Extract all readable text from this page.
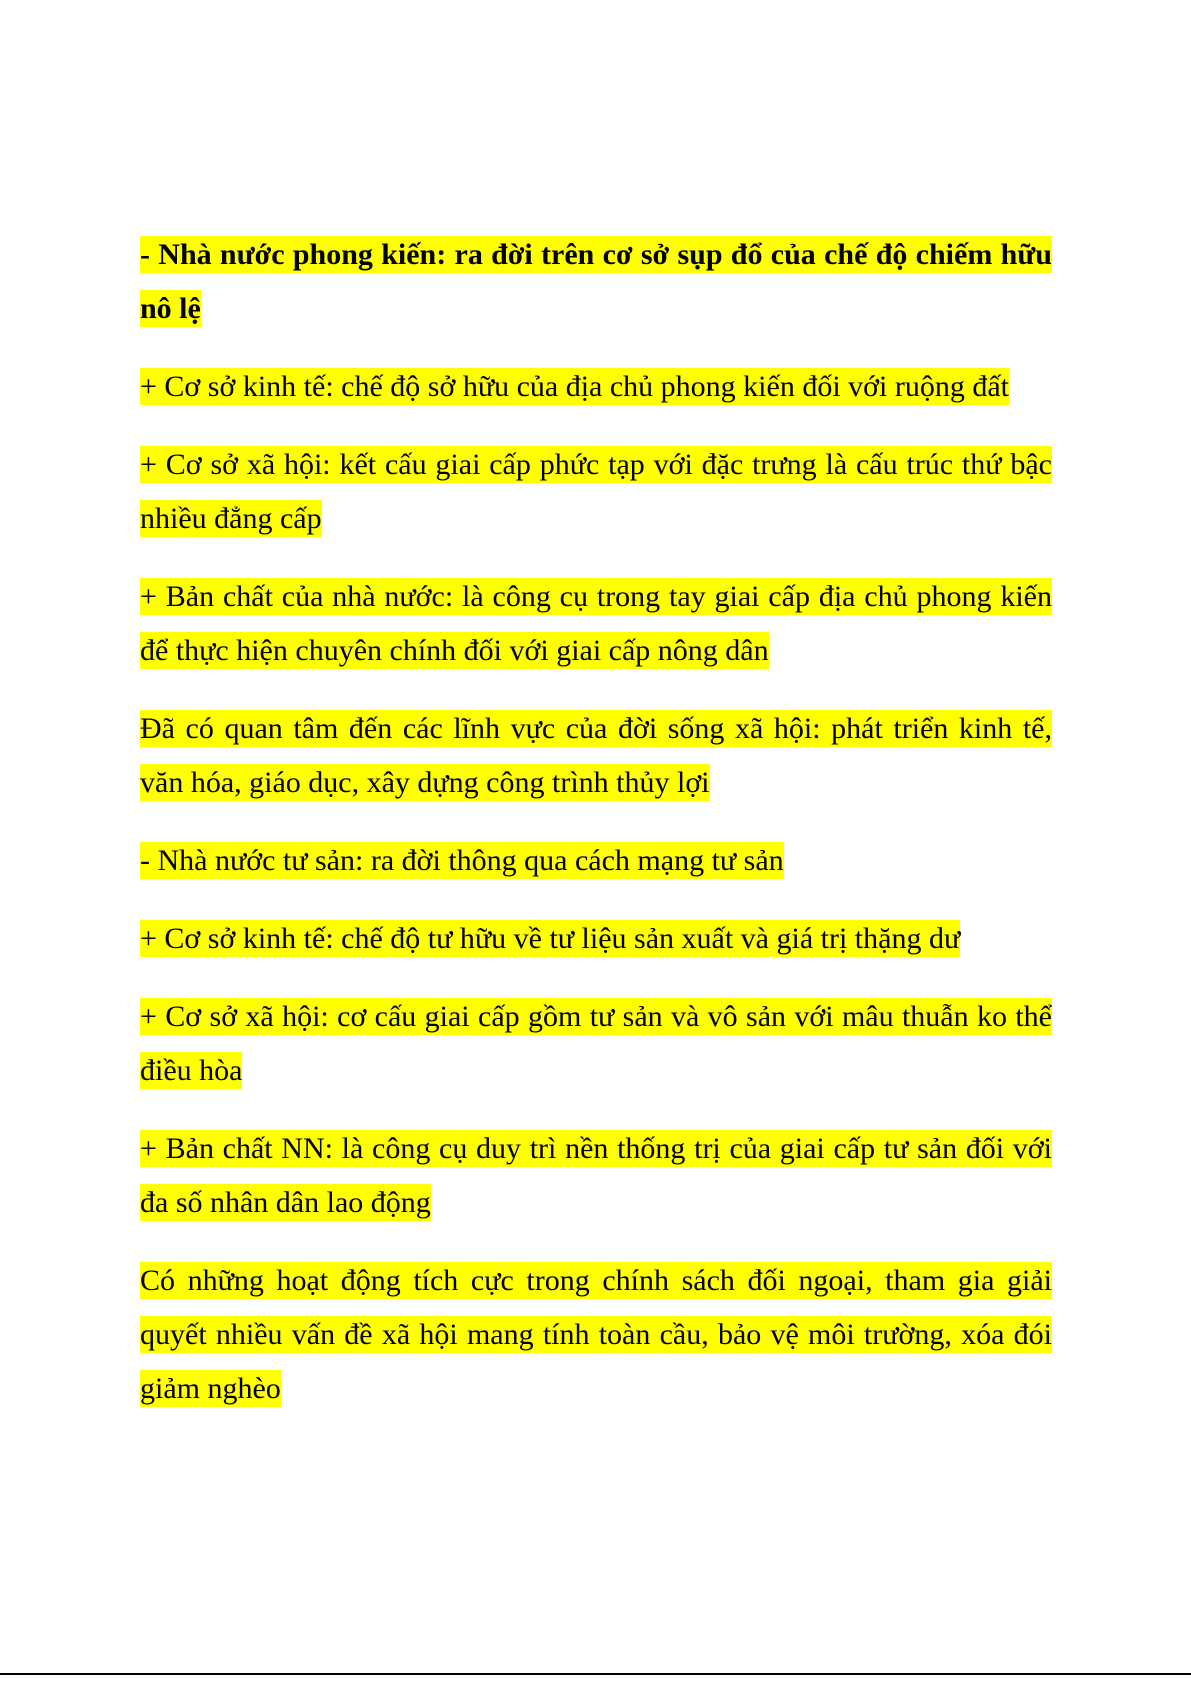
- Nhà nước phong kiến: ra đời trên cơ sở sụp đổ của chế độ chiếm hữu nô lệ

+ Cơ sở kinh tế: chế độ sở hữu của địa chủ phong kiến đối với ruộng đất

+ Cơ sở xã hội: kết cấu giai cấp phức tạp với đặc trưng là cấu trúc thứ bậc nhiều đẳng cấp

+ Bản chất của nhà nước: là công cụ trong tay giai cấp địa chủ phong kiến để thực hiện chuyên chính đối với giai cấp nông dân

Đã có quan tâm đến các lĩnh vực của đời sống xã hội: phát triển kinh tế, văn hóa, giáo dục, xây dựng công trình thủy lợi

- Nhà nước tư sản: ra đời thông qua cách mạng tư sản

+ Cơ sở kinh tế: chế độ tư hữu về tư liệu sản xuất và giá trị thặng dư

+ Cơ sở xã hội: cơ cấu giai cấp gồm tư sản và vô sản với mâu thuẫn ko thể điều hòa

+ Bản chất NN: là công cụ duy trì nền thống trị của giai cấp tư sản đối với đa số nhân dân lao động

Có những hoạt động tích cực trong chính sách đối ngoại, tham gia giải quyết nhiều vấn đề xã hội mang tính toàn cầu, bảo vệ môi trường, xóa đói giảm nghèo
